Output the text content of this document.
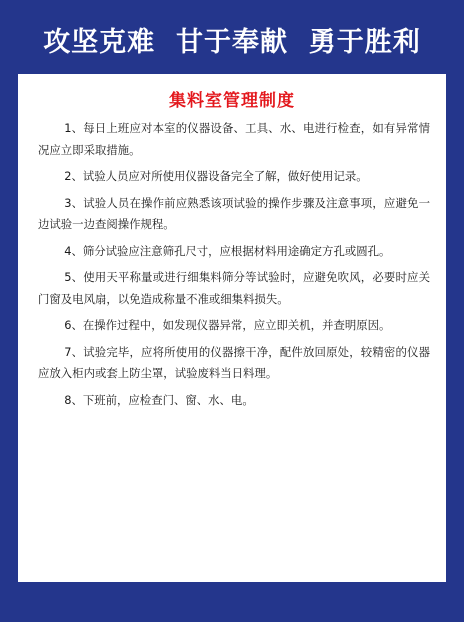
攻坚克难  甘于奉献  勇于胜利
集料室管理制度
1、每日上班应对本室的仪器设备、工具、水、电进行检查，如有异常情况应立即采取措施。
2、试验人员应对所使用仪器设备完全了解，做好使用记录。
3、试验人员在操作前应熟悉该项试验的操作步骤及注意事项，应避免一边试验一边查阅操作规程。
4、筛分试验应注意筛孔尺寸，应根据材料用途确定方孔或圆孔。
5、使用天平称量或进行细集料筛分等试验时，应避免吹风，必要时应关门窗及电风扇，以免造成称量不准或细集料损失。
6、在操作过程中，如发现仪器异常，应立即关机，并查明原因。
7、试验完毕，应将所使用的仪器擦干净，配件放回原处，较精密的仪器应放入柜内或套上防尘罩，试验废料当日料理。
8、下班前，应检查门、窗、水、电。
